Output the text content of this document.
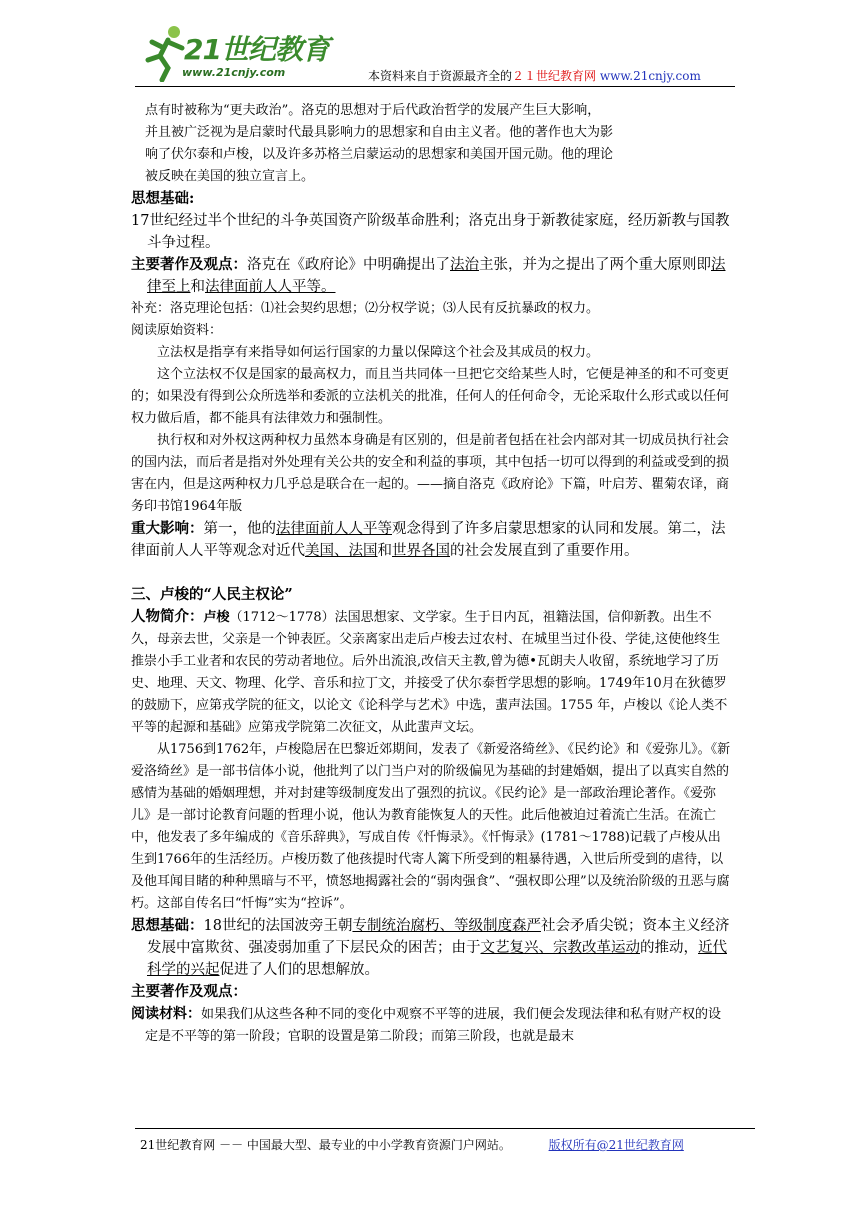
21世纪教育
www.21cnjy.com	本资料来自于资源最齐全的２１世纪教育网 www.21cnjy.com

点有时被称为“更夫政治”。洛克的思想对于后代政治哲学的发展产生巨大影响，
并且被广泛视为是启蒙时代最具影响力的思想家和自由主义者。他的著作也大为影
响了伏尔泰和卢梭，以及许多苏格兰启蒙运动的思想家和美国开国元勋。他的理论
被反映在美国的独立宣言上。

思想基础:

17世纪经过半个世纪的斗争英国资产阶级革命胜利；洛克出身于新教徒家庭，经历新教与国教斗争过程。

主要著作及观点：洛克在《政府论》中明确提出了法治主张，并为之提出了两个重大原则即法律至上和法律面前人人平等。

补充：洛克理论包括：⑴社会契约思想；⑵分权学说；⑶人民有反抗暴政的权力。

阅读原始资料：

立法权是指享有来指导如何运行国家的力量以保障这个社会及其成员的权力。

这个立法权不仅是国家的最高权力，而且当共同体一旦把它交给某些人时，它便是神圣的和不可变更的；如果没有得到公众所选举和委派的立法机关的批准，任何人的任何命令，无论采取什么形式或以任何权力做后盾，都不能具有法律效力和强制性。

执行权和对外权这两种权力虽然本身确是有区别的，但是前者包括在社会内部对其一切成员执行社会的国内法，而后者是指对外处理有关公共的安全和利益的事项，其中包括一切可以得到的利益或受到的损害在内，但是这两种权力几乎总是联合在一起的。——摘自洛克《政府论》下篇，叶启芳、瞿菊农译，商务印书馆1964年版

重大影响：第一，他的法律面前人人平等观念得到了许多启蒙思想家的认同和发展。第二，法律面前人人平等观念对近代美国、法国和世界各国的社会发展直到了重要作用。

三、卢梭的“人民主权论”

人物简介：卢梭（1712～1778）法国思想家、文学家。生于日内瓦，祖籍法国，信仰新教。出生不久，母亲去世，父亲是一个钟表匠。父亲离家出走后卢梭去过农村、在城里当过仆役、学徒,这使他终生推崇小手工业者和农民的劳动者地位。后外出流浪,改信天主教,曾为德•瓦朗夫人收留，系统地学习了历史、地理、天文、物理、化学、音乐和拉丁文，并接受了伏尔泰哲学思想的影响。1749年10月在狄德罗的鼓励下，应第戎学院的征文，以论文《论科学与艺术》中选，蜚声法国。1755 年，卢梭以《论人类不平等的起源和基础》应第戎学院第二次征文，从此蜚声文坛。

从1756到1762年，卢梭隐居在巴黎近郊期间，发表了《新爱洛绮丝》、《民约论》和《爱弥儿》。《新爱洛绮丝》是一部书信体小说，他批判了以门当户对的阶级偏见为基础的封建婚姻，提出了以真实自然的感情为基础的婚姻理想，并对封建等级制度发出了强烈的抗议。《民约论》是一部政治理论著作。《爱弥儿》是一部讨论教育问题的哲理小说，他认为教育能恢复人的天性。此后他被迫过着流亡生活。在流亡中，他发表了多年编成的《音乐辞典》，写成自传《忏悔录》。《忏悔录》(1781～1788)记载了卢梭从出生到1766年的生活经历。卢梭历数了他孩提时代寄人篱下所受到的粗暴待遇，入世后所受到的虐待，以及他耳闻目睹的种种黑暗与不平，愤怒地揭露社会的“弱肉强食”、“强权即公理”以及统治阶级的丑恶与腐朽。这部自传名曰“忏悔”实为“控诉”。

思想基础：18世纪的法国波旁王朝专制统治腐朽、等级制度森严社会矛盾尖锐；资本主义经济发展中富欺贫、强凌弱加重了下层民众的困苦；由于文艺复兴、宗教改革运动的推动，近代科学的兴起促进了人们的思想解放。

主要著作及观点：

阅读材料：如果我们从这些各种不同的变化中观察不平等的进展，我们便会发现法律和私有财产权的设定是不平等的第一阶段；官职的设置是第二阶段；而第三阶段，也就是最末

21世纪教育网 －－ 中国最大型、最专业的中小学教育资源门户网站。	版权所有@21世纪教育网
